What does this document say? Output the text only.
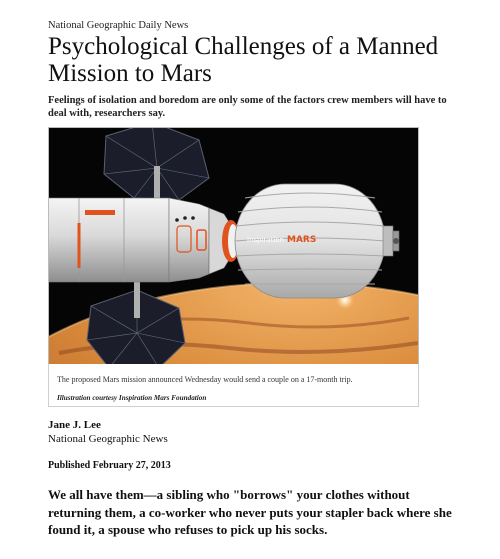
National Geographic Daily News
Psychological Challenges of a Manned Mission to Mars
Feelings of isolation and boredom are only some of the factors crew members will have to deal with, researchers say.
inspiration MARS
The proposed Mars mission announced Wednesday would send a couple on a 17-month trip.
Illustration courtesy Inspiration Mars Foundation
Jane J. Lee
National Geographic News
Published February 27, 2013
We all have them—a sibling who "borrows" your clothes without returning them, a co-worker who never puts your stapler back where she found it, a spouse who refuses to pick up his socks.
